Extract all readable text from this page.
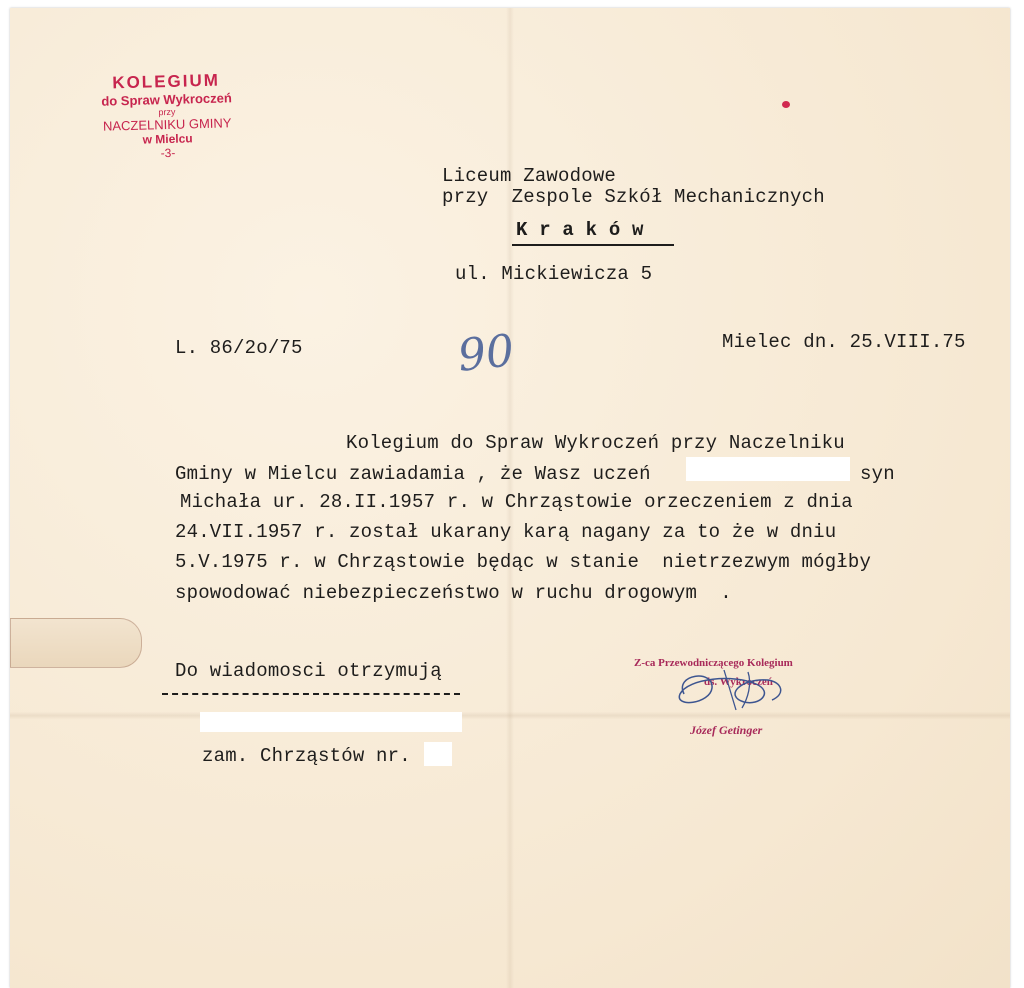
KOLEGIUM
do Spraw Wykroczeń
przy
NACZELNIKU GMINY
w Mielcu
-3-
Liceum Zawodowe
przy  Zespole Szkół Mechanicznych
K r a k ó w
ul. Mickiewicza 5
L. 86/2o/75	90	Mielec dn. 25.VIII.75
Kolegium do Spraw Wykroczeń przy Naczelniku
Gminy w Mielcu zawiadamia , że Wasz uczeń	syn
Michała ur. 28.II.1957 r. w Chrząstowie orzeczeniem z dnia
24.VII.1957 r. został ukarany karą nagany za to że w dniu
5.V.1975 r. w Chrząstowie będąc w stanie  nietrzezwym mógłby
spowodować niebezpieczeństwo w ruchu drogowym  .
Do wiadomosci otrzymują
zam. Chrząstów nr.
Z-ca Przewodniczącego Kolegium
ds. Wykroczeń
Józef Getinger
